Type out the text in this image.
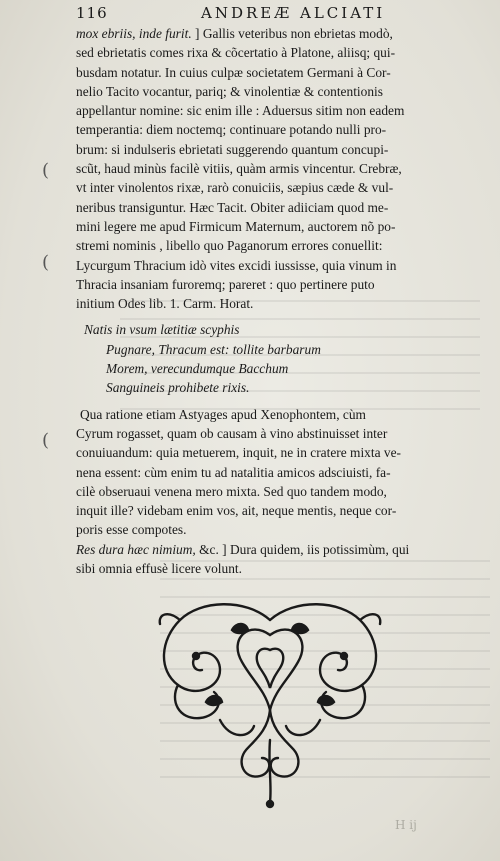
116	ANDREÆ ALCIATI
(
(
(
mox ebriis, inde furit. ] Gallis veteribus non ebrietas modò,
sed ebrietatis comes rixa & cõcertatio à Platone, aliisq; qui-
busdam notatur. In cuius culpæ societatem Germani à Cor-
nelio Tacito vocantur, pariq; & vinolentiæ & contentionis
appellantur nomine: sic enim ille : Aduersus sitim non eadem
temperantia: diem noctemq; continuare potando nulli pro-
brum: si indulseris ebrietati suggerendo quantum concupi-
scũt, haud minùs facilè vitiis, quàm armis vincentur. Crebræ,
vt inter vinolentos rixæ, rarò conuiciis, sæpius cæde & vul-
neribus transiguntur. Hæc Tacit. Obiter adiiciam quod me-
mini legere me apud Firmicum Maternum, auctorem nõ po-
stremi nominis , libello quo Paganorum errores conuellit:
Lycurgum Thracium idò vites excidi iussisse, quia vinum in
Thracia insaniam furoremq; pareret : quo pertinere puto
initium Odes lib. 1. Carm. Horat.
Natis in vsum lætitiæ scyphis
Pugnare, Thracum est: tollite barbarum
Morem, verecundumque Bacchum
Sanguineis prohibete rixis.
Qua ratione etiam Astyages apud Xenophontem, cùm
Cyrum rogasset, quam ob causam à vino abstinuisset inter
conuiuandum: quia metuerem, inquit, ne in cratere mixta ve-
nena essent: cùm enim tu ad natalitia amicos adsciuisti, fa-
cilè obseruaui venena mero mixta. Sed quo tandem modo,
inquit ille? videbam enim vos, ait, neque mentis, neque cor-
poris esse compotes.
Res dura hæc nimium, &c. ] Dura quidem, iis potissimùm, qui
sibi omnia effusè licere volunt.
H ij
